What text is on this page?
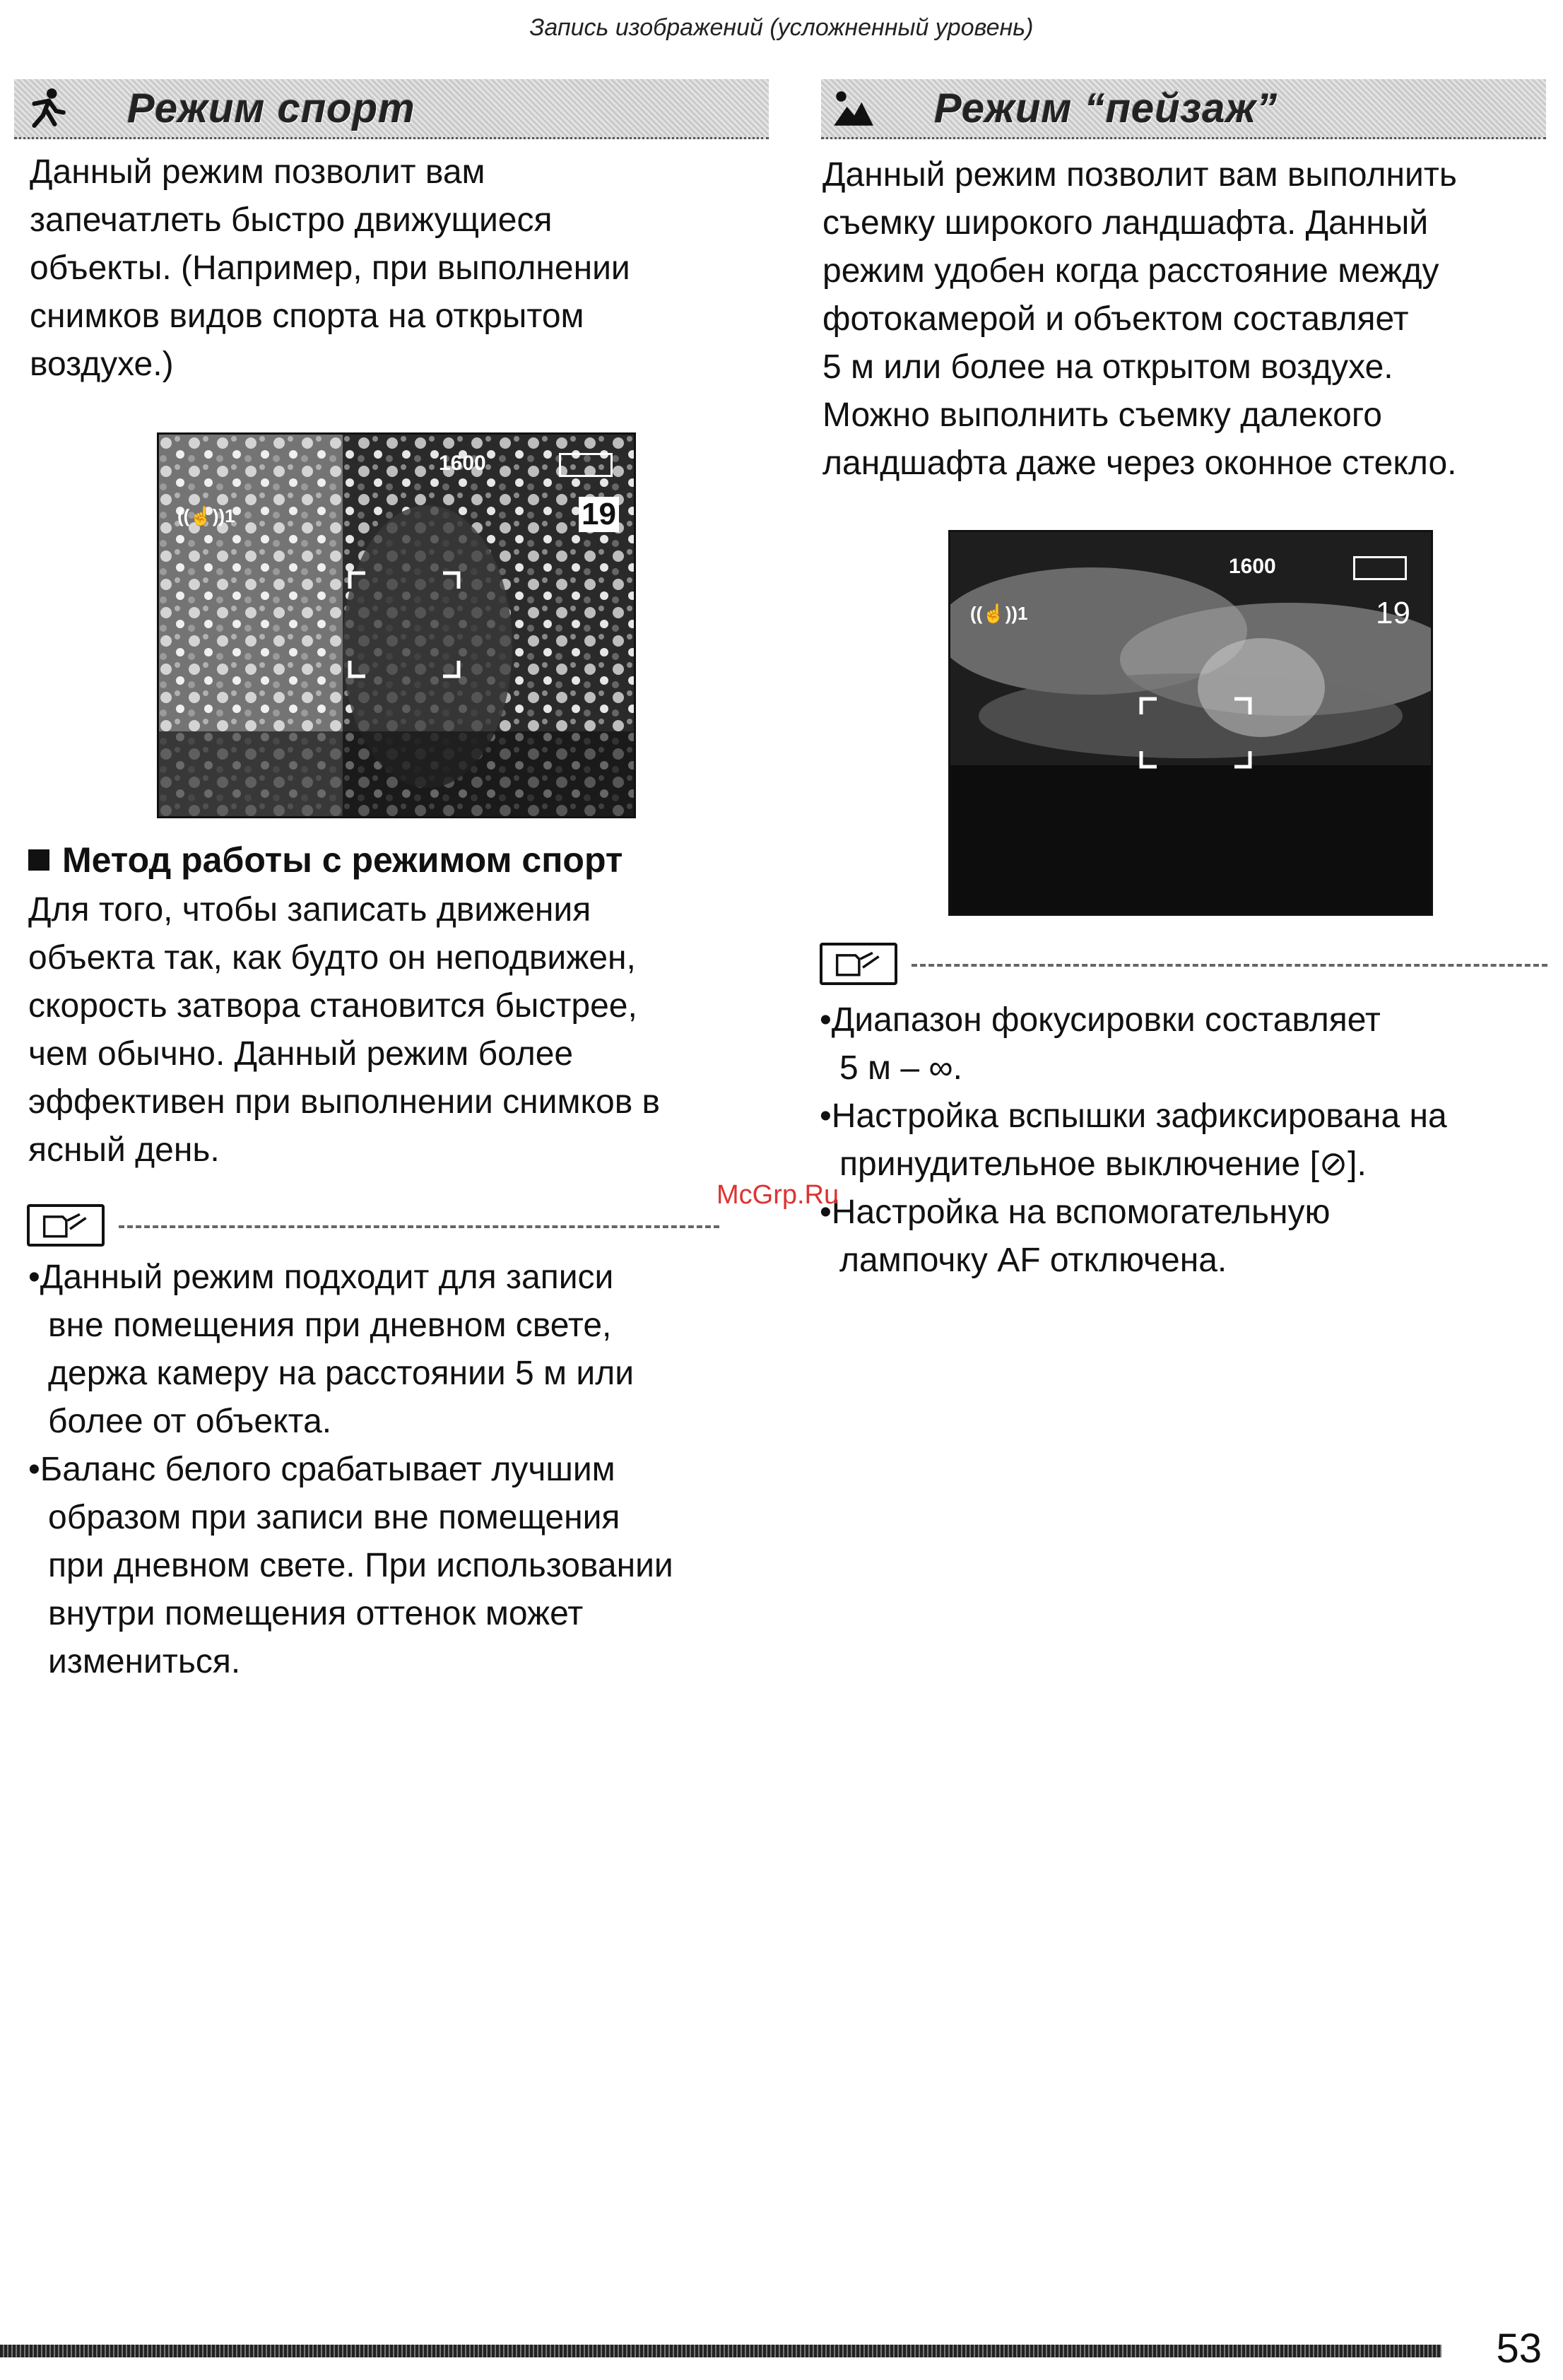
Запись изображений (усложненный уровень)
Режим спорт
Данный режим позволит вам
запечатлеть быстро движущиеся
объекты. (Например, при выполнении
снимков видов спорта на открытом
воздухе.)
1600
((☝))1	19
Метод работы с режимом спорт
Для того, чтобы записать движения
объекта так, как будто он неподвижен,
скорость затвора становится быстрее,
чем обычно. Данный режим более
эффективен при выполнении снимков в
ясный день.
•Данный режим подходит для записи
вне помещения при дневном свете,
держа камеру на расстоянии 5 м или
более от объекта.
•Баланс белого срабатывает лучшим
образом при записи вне помещения
при дневном свете. При использовании
внутри помещения оттенок может
измениться.
Режим “пейзаж”
Данный режим позволит вам выполнить
съемку широкого ландшафта. Данный
режим удобен когда расстояние между
фотокамерой и объектом составляет
5 м или более на открытом воздухе.
Можно выполнить съемку далекого
ландшафта даже через оконное стекло.
1600
((☝))1	19
•Диапазон фокусировки составляет
5 м – ∞.
•Настройка вспышки зафиксирована на
принудительное выключение [⊘].
•Настройка на вспомогательную
лампочку AF отключена.
McGrp.Ru
53
